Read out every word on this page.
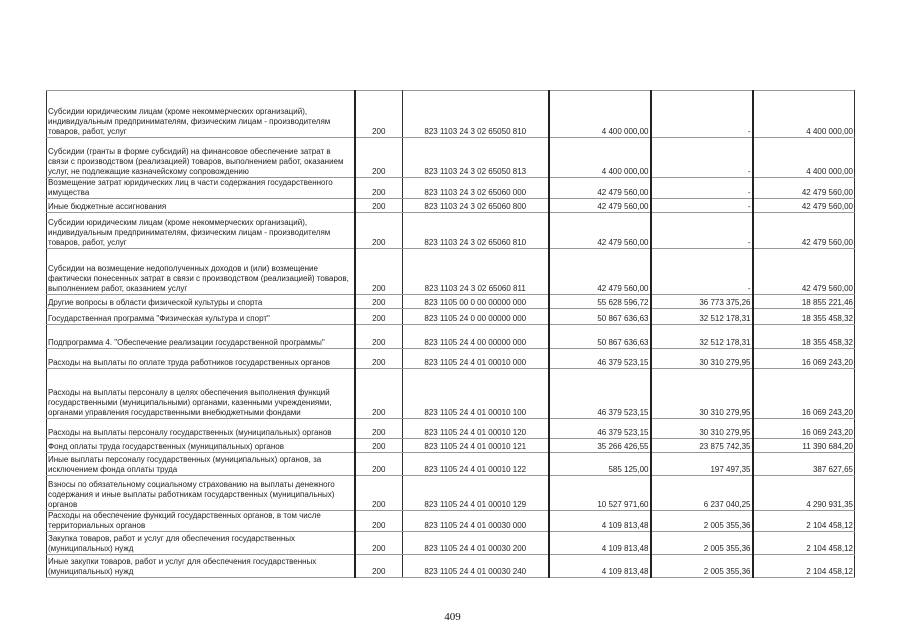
Субсидии юридическим лицам (кроме некоммерческих организаций), индивидуальным предпринимателям, физическим лицам - производителям товаров, работ, услуг	200	823 1103 24 3 02 65050 810	4 400 000,00	-	4 400 000,00
Субсидии (гранты в форме субсидий) на финансовое обеспечение затрат в связи с производством (реализацией) товаров, выполнением работ, оказанием услуг, не подлежащие казначейскому сопровождению	200	823 1103 24 3 02 65050 813	4 400 000,00	-	4 400 000,00
Возмещение затрат юридических лиц в части содержания государственного имущества	200	823 1103 24 3 02 65060 000	42 479 560,00	-	42 479 560,00
Иные бюджетные ассигнования	200	823 1103 24 3 02 65060 800	42 479 560,00	-	42 479 560,00
Субсидии юридическим лицам (кроме некоммерческих организаций), индивидуальным предпринимателям, физическим лицам - производителям товаров, работ, услуг	200	823 1103 24 3 02 65060 810	42 479 560,00	-	42 479 560,00
Субсидии на возмещение недополученных доходов и (или) возмещение фактически понесенных затрат в связи с производством (реализацией) товаров, выполнением работ, оказанием услуг	200	823 1103 24 3 02 65060 811	42 479 560,00	-	42 479 560,00
Другие вопросы в области физической культуры и спорта	200	823 1105 00 0 00 00000 000	55 628 596,72	36 773 375,26	18 855 221,46
Государственная программа "Физическая культура и спорт"	200	823 1105 24 0 00 00000 000	50 867 636,63	32 512 178,31	18 355 458,32
Подпрограмма 4. "Обеспечение реализации государственной программы"	200	823 1105 24 4 00 00000 000	50 867 636,63	32 512 178,31	18 355 458,32
Расходы на выплаты по оплате труда работников государственных органов	200	823 1105 24 4 01 00010 000	46 379 523,15	30 310 279,95	16 069 243,20
Расходы на выплаты персоналу в целях обеспечения выполнения функций государственными (муниципальными) органами, казенными учреждениями, органами управления государственными внебюджетными фондами	200	823 1105 24 4 01 00010 100	46 379 523,15	30 310 279,95	16 069 243,20
Расходы на выплаты персоналу государственных (муниципальных) органов	200	823 1105 24 4 01 00010 120	46 379 523,15	30 310 279,95	16 069 243,20
Фонд оплаты труда государственных (муниципальных) органов	200	823 1105 24 4 01 00010 121	35 266 426,55	23 875 742,35	11 390 684,20
Иные выплаты персоналу государственных (муниципальных) органов, за исключением фонда оплаты труда	200	823 1105 24 4 01 00010 122	585 125,00	197 497,35	387 627,65
Взносы по обязательному социальному страхованию на выплаты денежного содержания и иные выплаты работникам государственных (муниципальных) органов	200	823 1105 24 4 01 00010 129	10 527 971,60	6 237 040,25	4 290 931,35
Расходы на обеспечение функций государственных органов, в том числе территориальных органов	200	823 1105 24 4 01 00030 000	4 109 813,48	2 005 355,36	2 104 458,12
Закупка товаров, работ и услуг для обеспечения государственных (муниципальных) нужд	200	823 1105 24 4 01 00030 200	4 109 813,48	2 005 355,36	2 104 458,12
Иные закупки товаров, работ и услуг для обеспечения государственных (муниципальных) нужд	200	823 1105 24 4 01 00030 240	4 109 813,48	2 005 355,36	2 104 458,12
409
